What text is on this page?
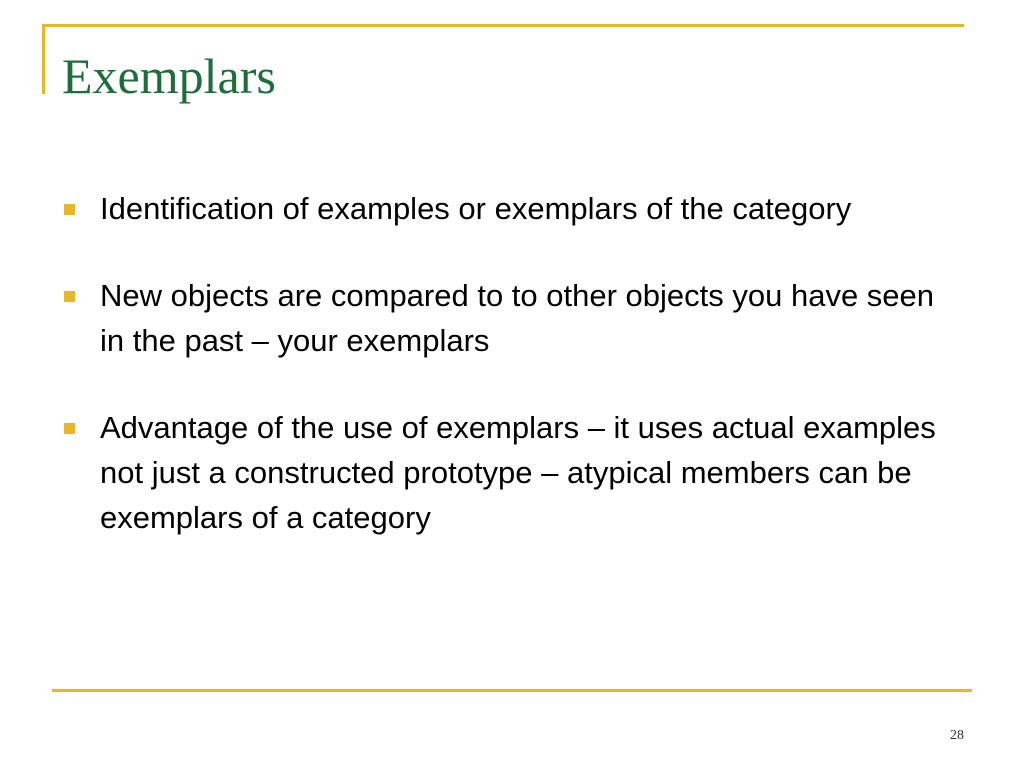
Exemplars
Identification of examples or exemplars of the category
New objects are compared to to other objects you have seen in the past – your exemplars
Advantage of the use of exemplars – it uses actual examples not just a constructed prototype – atypical members can be exemplars of a category
28
